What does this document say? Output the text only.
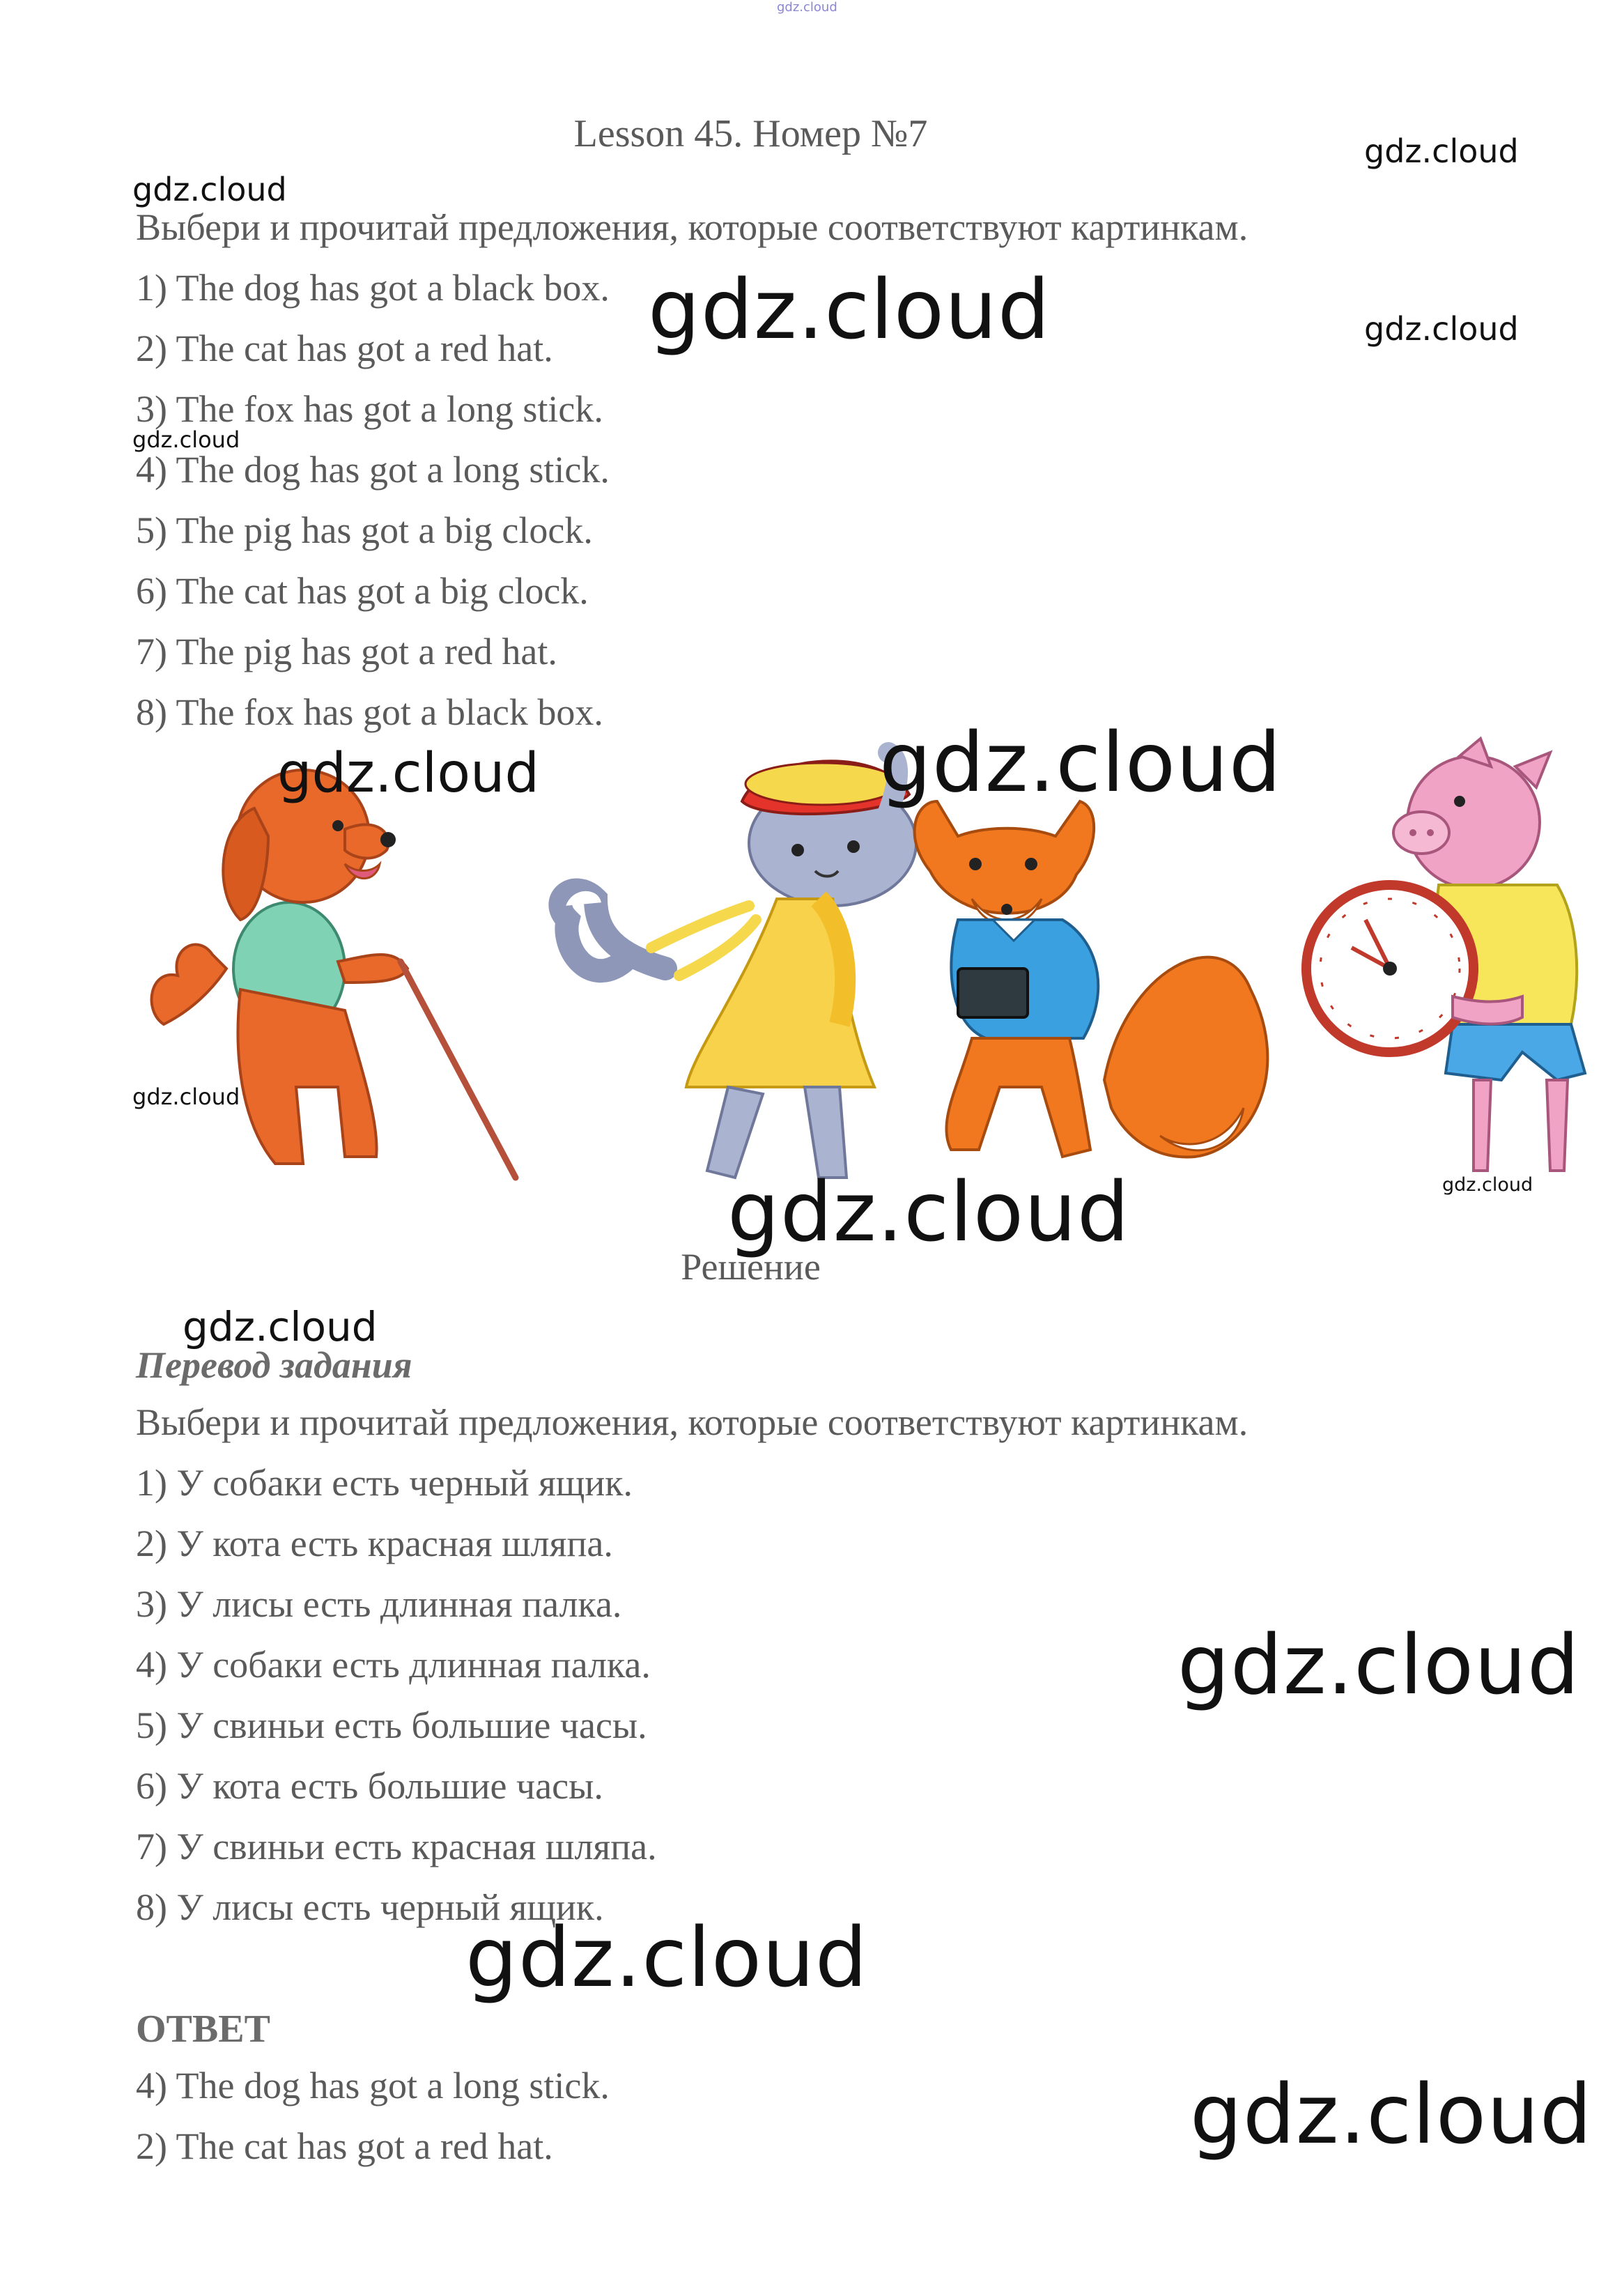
gdz.cloud
Lesson 45. Номер №7	gdz.cloud
gdz.cloud
Выбери и прочитай предложения, которые соответствуют картинкам.
1) The dog has got a black box.
2) The cat has got a red hat.
3) The fox has got a long stick.
4) The dog has got a long stick.
5) The pig has got a big clock.
6) The cat has got a big clock.
7) The pig has got a red hat.
8) The fox has got a black box.
gdz.cloud	gdz.cloud
gdz.cloud
gdz.cloud
gdz.cloud
gdz.cloud
gdz.cloud
gdz.cloud
Решение
gdz.cloud
Перевод задания
Выбери и прочитай предложения, которые соответствуют картинкам.
1) У собаки есть черный ящик.
2) У кота есть красная шляпа.
3) У лисы есть длинная палка.
4) У собаки есть длинная палка.
5) У свиньи есть большие часы.
6) У кота есть большие часы.
7) У свиньи есть красная шляпа.
8) У лисы есть черный ящик.
gdz.cloud
gdz.cloud
ОТВЕТ
4) The dog has got a long stick.
2) The cat has got a red hat.	gdz.cloud
